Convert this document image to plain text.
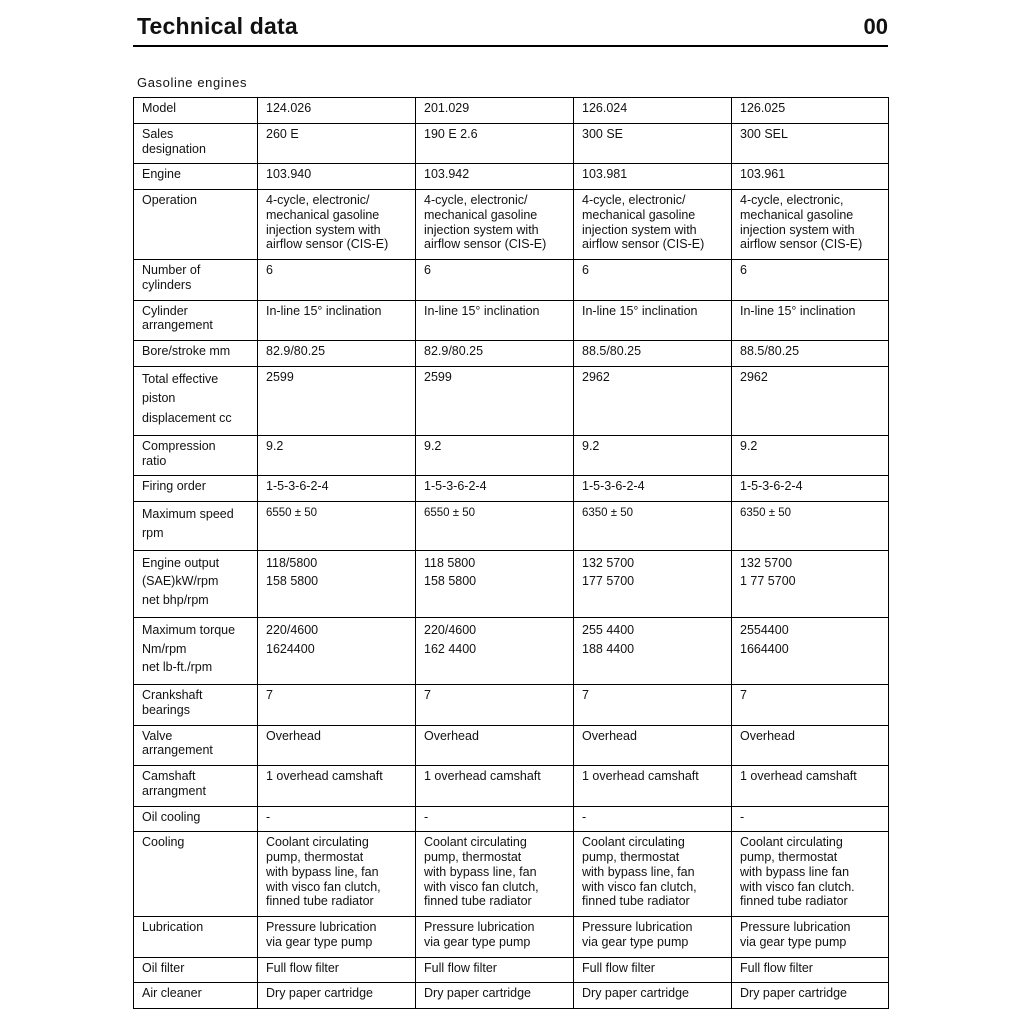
Technical data	00
Gasoline engines
Model	124.026	201.029	126.024	126.025
Sales
designation	260 E	190 E 2.6	300 SE	300 SEL
Engine	103.940	103.942	103.981	103.961
Operation	4-cycle, electronic/
mechanical gasoline
injection system with
airflow sensor (CIS-E)	4-cycle, electronic/
mechanical gasoline
injection system with
airflow sensor (CIS-E)	4-cycle, electronic/
mechanical gasoline
injection system with
airflow sensor (CIS-E)	4-cycle, electronic,
mechanical gasoline
injection system with
airflow sensor (CIS-E)
Number of
cylinders	6	6	6	6
Cylinder
arrangement	In-line 15° inclination	In-line 15° inclination	In-line 15° inclination	In-line 15° inclination
Bore/stroke mm	82.9/80.25	82.9/80.25	88.5/80.25	88.5/80.25
Total effective
piston
displacement cc	2599	2599	2962	2962
Compression
ratio	9.2	9.2	9.2	9.2
Firing order	1-5-3-6-2-4	1-5-3-6-2-4	1-5-3-6-2-4	1-5-3-6-2-4
Maximum speed
rpm	6550 ± 50	6550 ± 50	6350 ± 50	6350 ± 50
Engine output
(SAE)kW/rpm
net bhp/rpm	118/5800
158 5800	118 5800
158 5800	132 5700
177 5700	132 5700
1 77 5700
Maximum torque
Nm/rpm
net lb-ft./rpm	220/4600
1624400	220/4600
162 4400	255 4400
188 4400	2554400
1664400
Crankshaft
bearings	7	7	7	7
Valve
arrangement	Overhead	Overhead	Overhead	Overhead
Camshaft
arrangment	1 overhead camshaft	1 overhead camshaft	1 overhead camshaft	1 overhead camshaft
Oil cooling	-	-	-	-
Cooling	Coolant circulating
pump, thermostat
with bypass line, fan
with visco fan clutch,
finned tube radiator	Coolant circulating
pump, thermostat
with bypass line, fan
with visco fan clutch,
finned tube radiator	Coolant circulating
pump, thermostat
with bypass line, fan
with visco fan clutch,
finned tube radiator	Coolant circulating
pump, thermostat
with bypass line fan
with visco fan clutch.
finned tube radiator
Lubrication	Pressure lubrication
via gear type pump	Pressure lubrication
via gear type pump	Pressure lubrication
via gear type pump	Pressure lubrication
via gear type pump
Oil filter	Full flow filter	Full flow filter	Full flow filter	Full flow filter
Air cleaner	Dry paper cartridge	Dry paper cartridge	Dry paper cartridge	Dry paper cartridge
